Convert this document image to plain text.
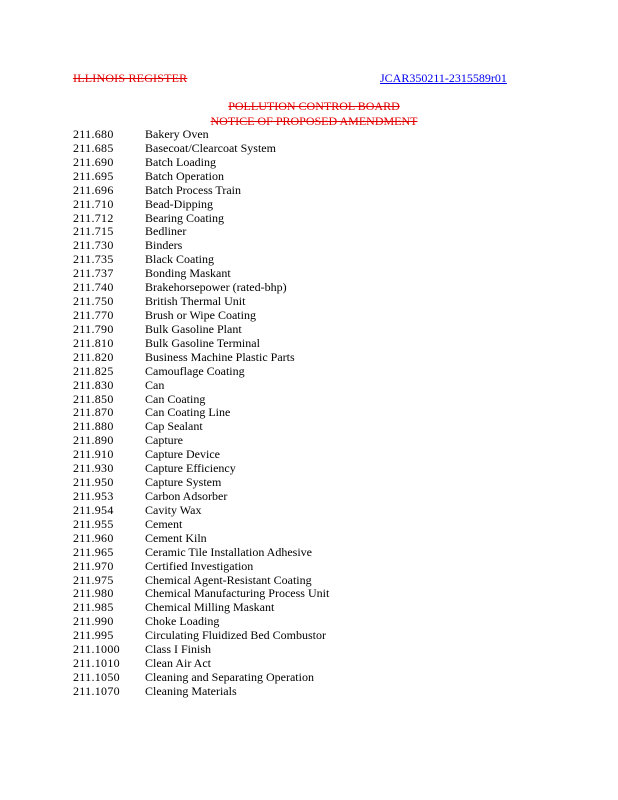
ILLINOIS REGISTER	JCAR350211-2315589r01
POLLUTION CONTROL BOARD
NOTICE OF PROPOSED AMENDMENT
211.680	Bakery Oven
211.685	Basecoat/Clearcoat System
211.690	Batch Loading
211.695	Batch Operation
211.696	Batch Process Train
211.710	Bead-Dipping
211.712	Bearing Coating
211.715	Bedliner
211.730	Binders
211.735	Black Coating
211.737	Bonding Maskant
211.740	Brakehorsepower (rated-bhp)
211.750	British Thermal Unit
211.770	Brush or Wipe Coating
211.790	Bulk Gasoline Plant
211.810	Bulk Gasoline Terminal
211.820	Business Machine Plastic Parts
211.825	Camouflage Coating
211.830	Can
211.850	Can Coating
211.870	Can Coating Line
211.880	Cap Sealant
211.890	Capture
211.910	Capture Device
211.930	Capture Efficiency
211.950	Capture System
211.953	Carbon Adsorber
211.954	Cavity Wax
211.955	Cement
211.960	Cement Kiln
211.965	Ceramic Tile Installation Adhesive
211.970	Certified Investigation
211.975	Chemical Agent-Resistant Coating
211.980	Chemical Manufacturing Process Unit
211.985	Chemical Milling Maskant
211.990	Choke Loading
211.995	Circulating Fluidized Bed Combustor
211.1000	Class I Finish
211.1010	Clean Air Act
211.1050	Cleaning and Separating Operation
211.1070	Cleaning Materials
